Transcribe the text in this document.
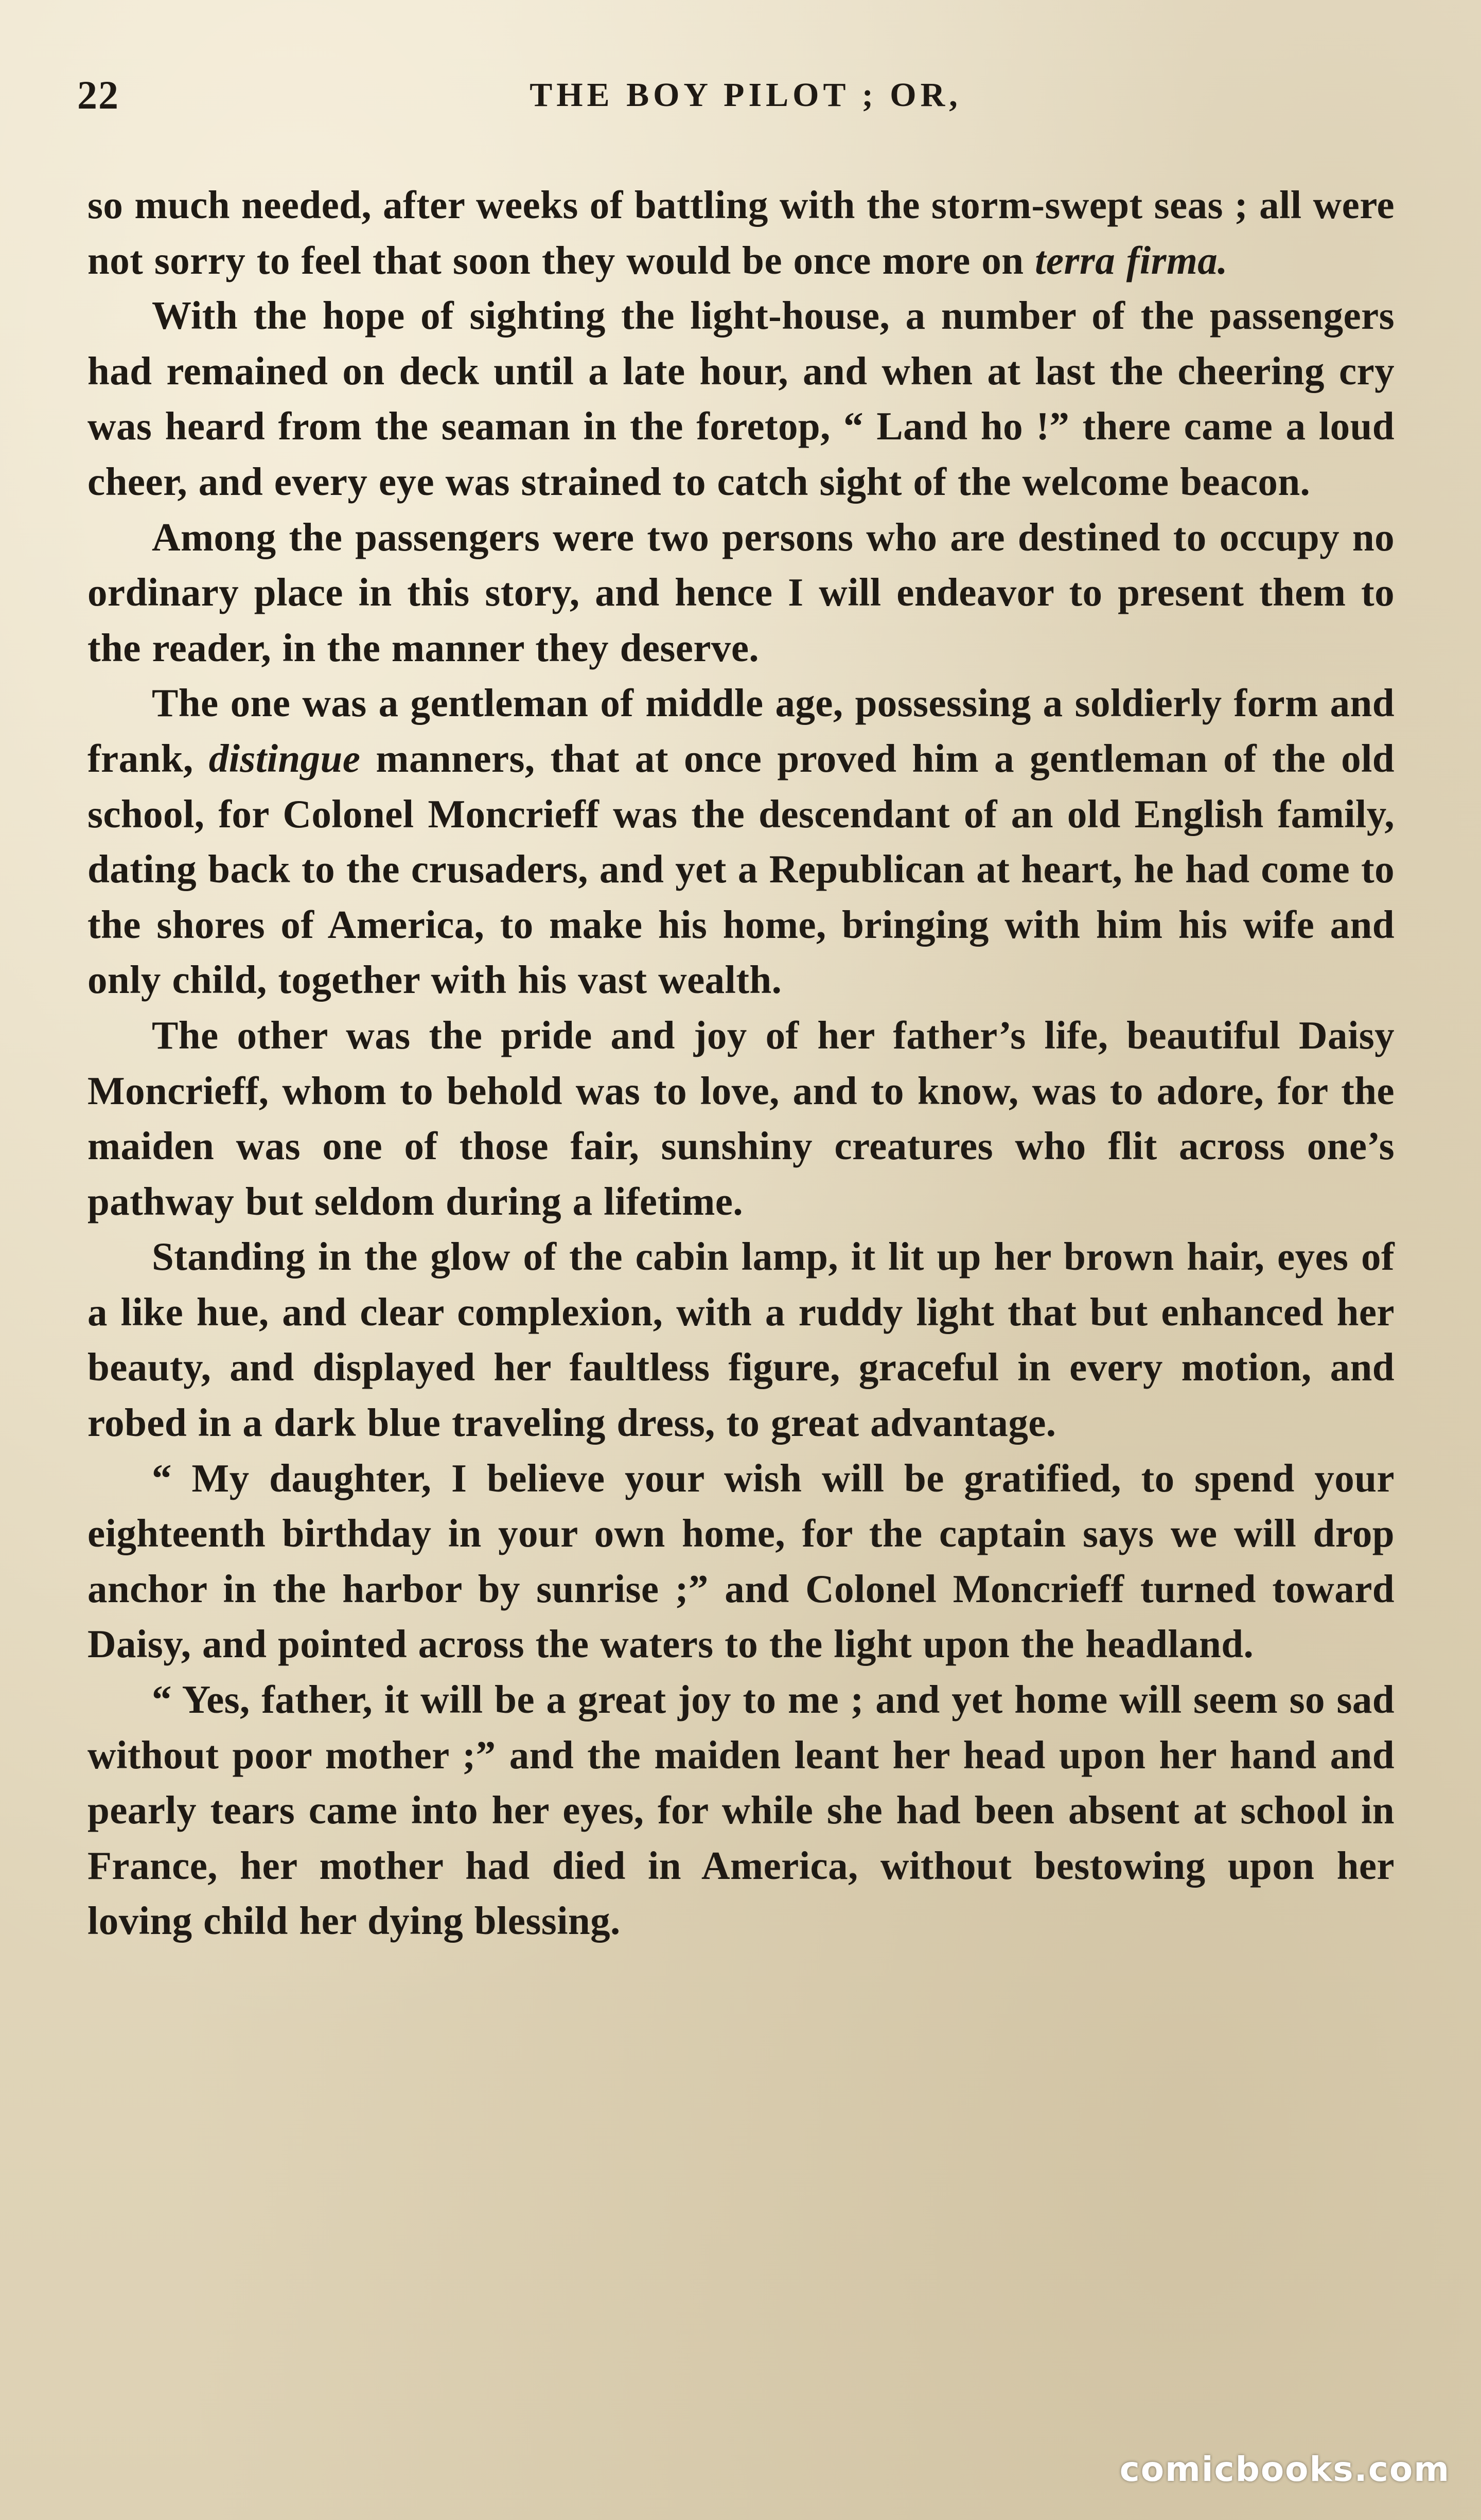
22	THE BOY PILOT ; OR,

so much needed, after weeks of battling with the storm-swept seas ; all were not sorry to feel that soon they would be once more on terra firma.

With the hope of sighting the light-house, a number of the passengers had remained on deck until a late hour, and when at last the cheering cry was heard from the seaman in the foretop, “ Land ho !” there came a loud cheer, and every eye was strained to catch sight of the welcome beacon.

Among the passengers were two persons who are destined to occupy no ordinary place in this story, and hence I will endeavor to present them to the reader, in the manner they deserve.

The one was a gentleman of middle age, possessing a soldierly form and frank, distingue manners, that at once proved him a gentleman of the old school, for Colonel Moncrieff was the descendant of an old English family, dating back to the crusaders, and yet a Republican at heart, he had come to the shores of America, to make his home, bringing with him his wife and only child, together with his vast wealth.

The other was the pride and joy of her father’s life, beautiful Daisy Moncrieff, whom to behold was to love, and to know, was to adore, for the maiden was one of those fair, sunshiny creatures who flit across one’s pathway but seldom during a lifetime.

Standing in the glow of the cabin lamp, it lit up her brown hair, eyes of a like hue, and clear complexion, with a ruddy light that but enhanced her beauty, and displayed her faultless figure, graceful in every motion, and robed in a dark blue traveling dress, to great advantage.

“ My daughter, I believe your wish will be gratified, to spend your eighteenth birthday in your own home, for the captain says we will drop anchor in the harbor by sunrise ;” and Colonel Moncrieff turned toward Daisy, and pointed across the waters to the light upon the headland.

“ Yes, father, it will be a great joy to me ; and yet home will seem so sad without poor mother ;” and the maiden leant her head upon her hand and pearly tears came into her eyes, for while she had been absent at school in France, her mother had died in America, without bestowing upon her loving child her dying blessing.

comicbooks.com
